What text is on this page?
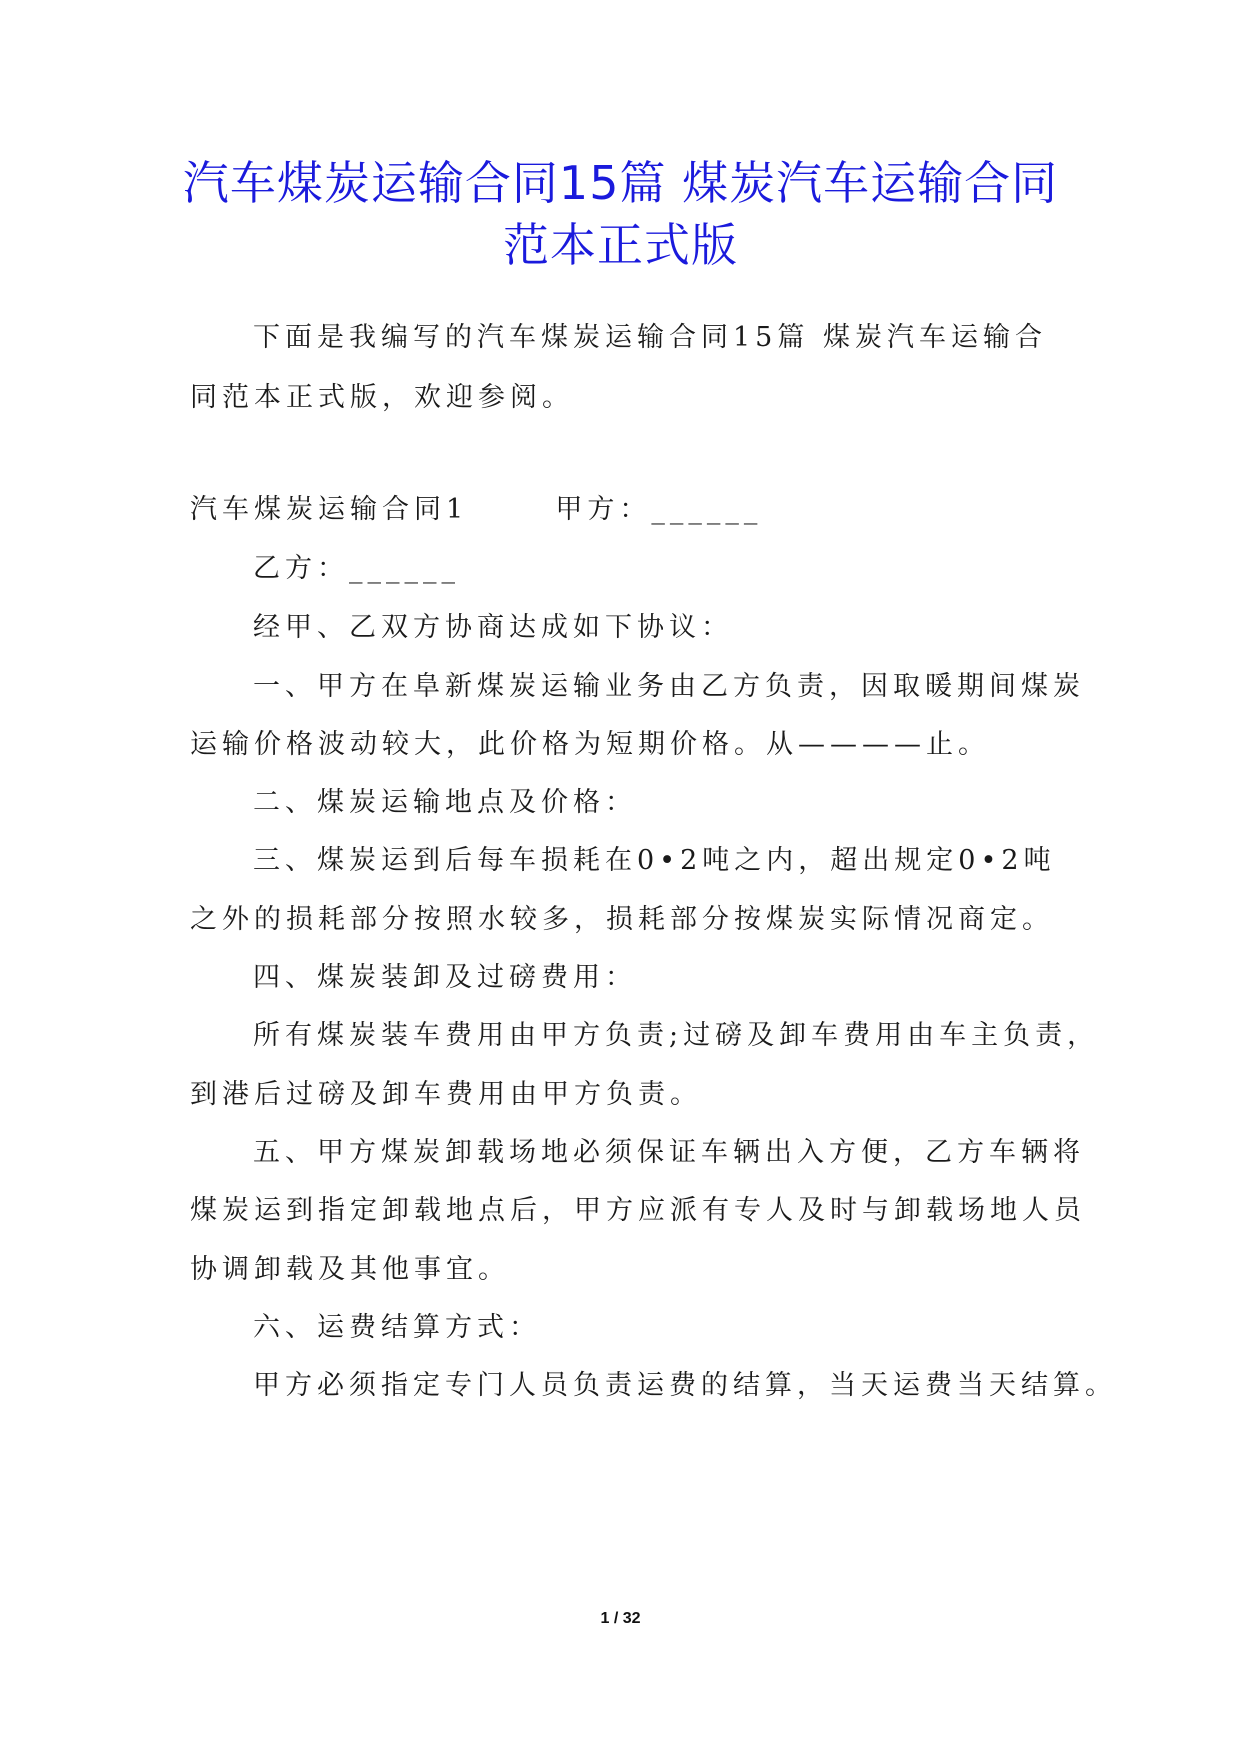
汽车煤炭运输合同15篇 煤炭汽车运输合同
范本正式版
下面是我编写的汽车煤炭运输合同15篇 煤炭汽车运输合
同范本正式版，欢迎参阅。
汽车煤炭运输合同1	甲方：______
乙方：______
经甲、乙双方协商达成如下协议：
一、甲方在阜新煤炭运输业务由乙方负责，因取暖期间煤炭
运输价格波动较大，此价格为短期价格。从————止。
二、煤炭运输地点及价格：
三、煤炭运到后每车损耗在0•2吨之内，超出规定0•2吨
之外的损耗部分按照水较多，损耗部分按煤炭实际情况商定。
四、煤炭装卸及过磅费用：
所有煤炭装车费用由甲方负责;过磅及卸车费用由车主负责，
到港后过磅及卸车费用由甲方负责。
五、甲方煤炭卸载场地必须保证车辆出入方便，乙方车辆将
煤炭运到指定卸载地点后，甲方应派有专人及时与卸载场地人员
协调卸载及其他事宜。
六、运费结算方式：
甲方必须指定专门人员负责运费的结算，当天运费当天结算。
1 / 32
